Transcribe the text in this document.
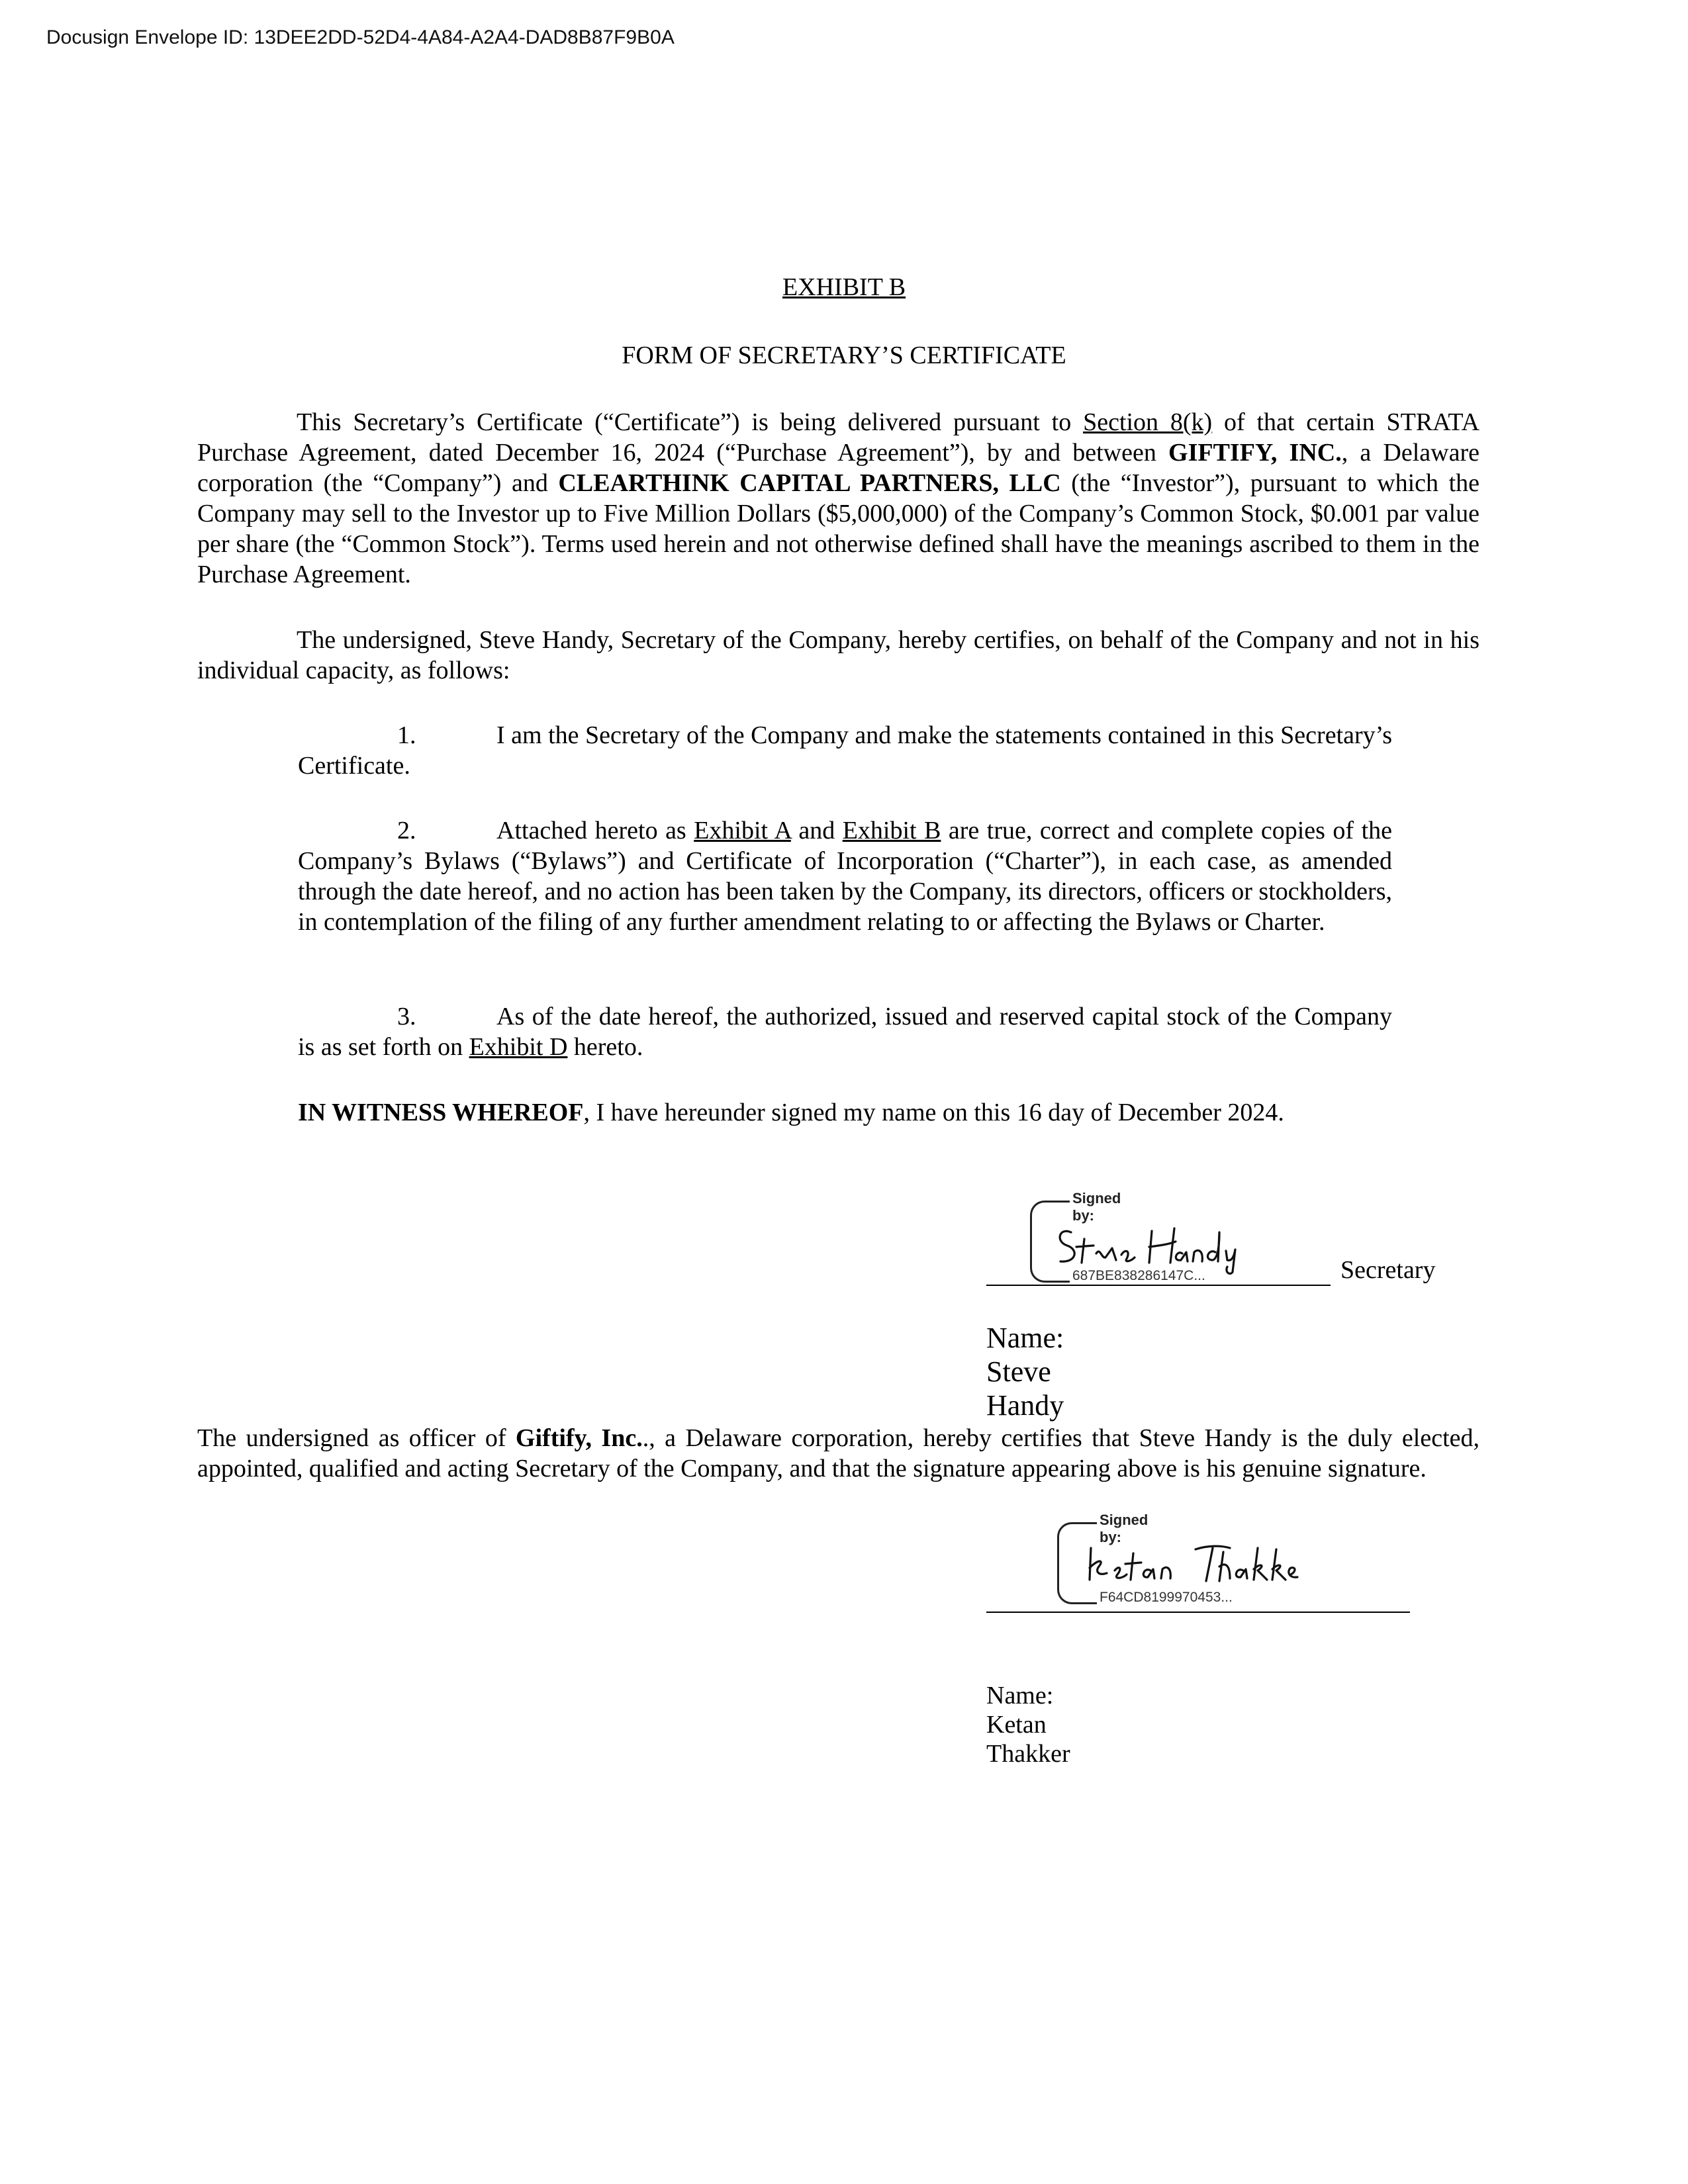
Docusign Envelope ID: 13DEE2DD-52D4-4A84-A2A4-DAD8B87F9B0A
EXHIBIT B
FORM OF SECRETARY’S CERTIFICATE
This Secretary’s Certificate (“Certificate”) is being delivered pursuant to Section 8(k) of that certain STRATA Purchase Agreement, dated December 16, 2024 (“Purchase Agreement”), by and between GIFTIFY, INC., a Delaware corporation (the “Company”) and CLEARTHINK CAPITAL PARTNERS, LLC (the “Investor”), pursuant to which the Company may sell to the Investor up to Five Million Dollars ($5,000,000) of the Company’s Common Stock, $0.001 par value per share (the “Common Stock”). Terms used herein and not otherwise defined shall have the meanings ascribed to them in the Purchase Agreement.
The undersigned, Steve Handy, Secretary of the Company, hereby certifies, on behalf of the Company and not in his individual capacity, as follows:
1.	I am the Secretary of the Company and make the statements contained in this Secretary’s Certificate.
2.	Attached hereto as Exhibit A and Exhibit B are true, correct and complete copies of the Company’s Bylaws (“Bylaws”) and Certificate of Incorporation (“Charter”), in each case, as amended through the date hereof, and no action has been taken by the Company, its directors, officers or stockholders, in contemplation of the filing of any further amendment relating to or affecting the Bylaws or Charter.
3.	As of the date hereof, the authorized, issued and reserved capital stock of the Company is as set forth on Exhibit D hereto.
IN WITNESS WHEREOF, I have hereunder signed my name on this 16 day of December 2024.
Signed by:
687BE838286147C...	Secretary
Name: Steve Handy
The undersigned as officer of Giftify, Inc.., a Delaware corporation, hereby certifies that Steve Handy is the duly elected, appointed, qualified and acting Secretary of the Company, and that the signature appearing above is his genuine signature.
Signed by:
F64CD8199970453...
Name: Ketan Thakker
